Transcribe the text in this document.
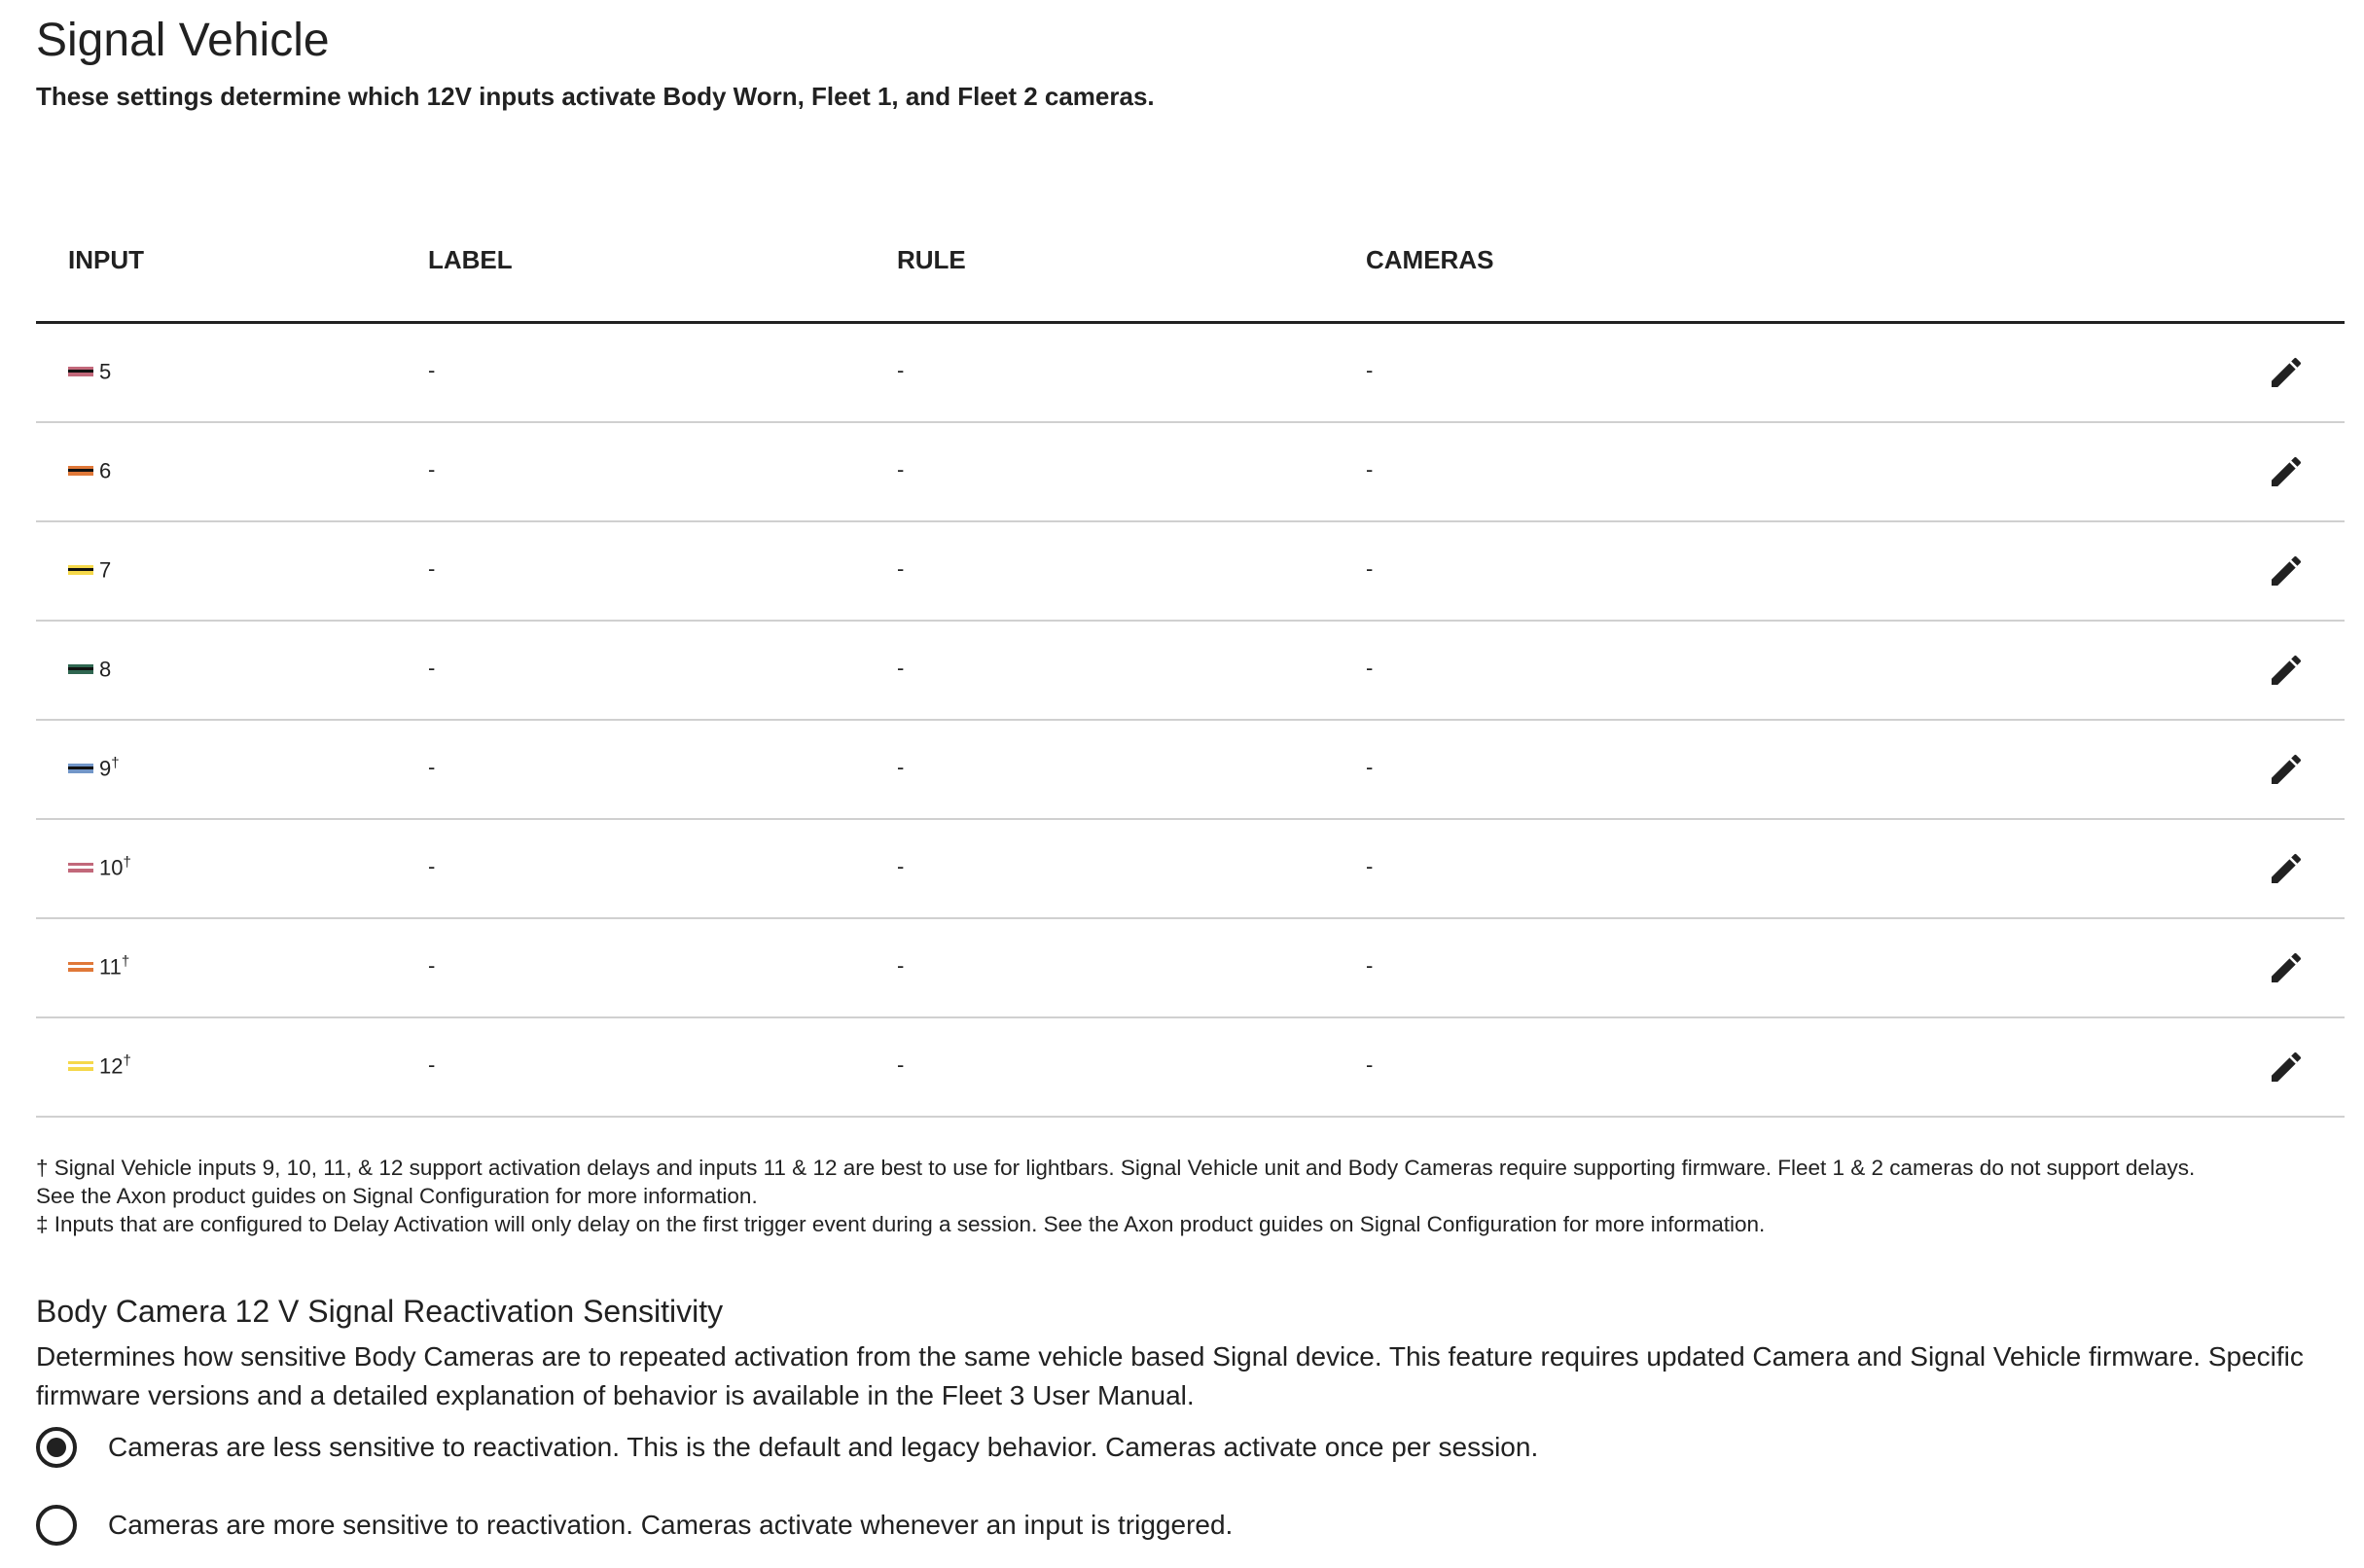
Signal Vehicle
These settings determine which 12V inputs activate Body Worn, Fleet 1, and Fleet 2 cameras.
INPUT	LABEL	RULE	CAMERAS
5	-	-	-
6	-	-	-
7	-	-	-
8	-	-	-
9†	-	-	-
10†	-	-	-
11†	-	-	-
12†	-	-	-
† Signal Vehicle inputs 9, 10, 11, & 12 support activation delays and inputs 11 & 12 are best to use for lightbars. Signal Vehicle unit and Body Cameras require supporting firmware. Fleet 1 & 2 cameras do not support delays.
See the Axon product guides on Signal Configuration for more information.
‡ Inputs that are configured to Delay Activation will only delay on the first trigger event during a session. See the Axon product guides on Signal Configuration for more information.
Body Camera 12 V Signal Reactivation Sensitivity
Determines how sensitive Body Cameras are to repeated activation from the same vehicle based Signal device. This feature requires updated Camera and Signal Vehicle firmware. Specific firmware versions and a detailed explanation of behavior is available in the Fleet 3 User Manual.
Cameras are less sensitive to reactivation. This is the default and legacy behavior. Cameras activate once per session.
Cameras are more sensitive to reactivation. Cameras activate whenever an input is triggered.
